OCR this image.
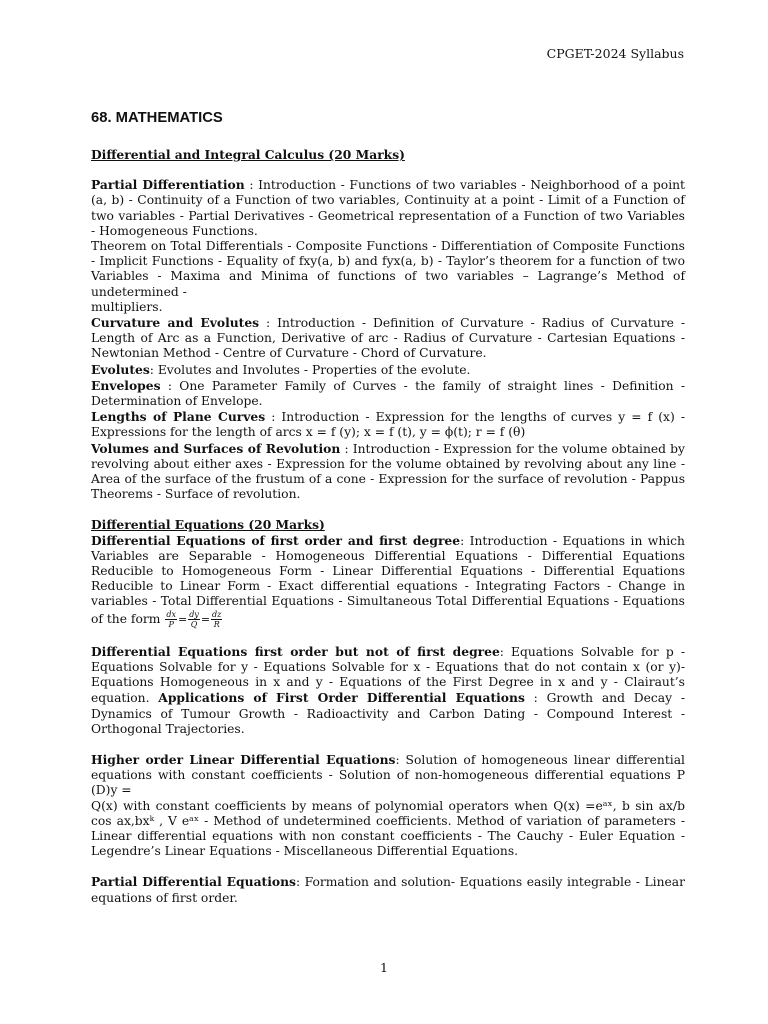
CPGET-2024 Syllabus
68. MATHEMATICS
Differential and Integral Calculus (20 Marks)

Partial Differentiation : Introduction - Functions of two variables - Neighborhood of a point (a, b) - Continuity of a Function of two variables, Continuity at a point - Limit of a Function of two variables - Partial Derivatives - Geometrical representation of a Function of two Variables - Homogeneous Functions.

Theorem on Total Differentials - Composite Functions - Differentiation of Composite Functions - Implicit Functions - Equality of fxy(a, b) and fyx(a, b) - Taylor’s theorem for a function of two Variables - Maxima and Minima of functions of two variables – Lagrange’s Method of undetermined -

multipliers.

Curvature and Evolutes : Introduction - Definition of Curvature - Radius of Curvature - Length of Arc as a Function, Derivative of arc - Radius of Curvature - Cartesian Equations - Newtonian Method - Centre of Curvature - Chord of Curvature.

Evolutes: Evolutes and Involutes - Properties of the evolute.

Envelopes : One Parameter Family of Curves - the family of straight lines - Definition - Determination of Envelope.

Lengths of Plane Curves : Introduction - Expression for the lengths of curves y = f (x) - Expressions for the length of arcs x = f (y); x = f (t), y = ϕ(t); r = f (θ)

Volumes and Surfaces of Revolution : Introduction - Expression for the volume obtained by revolving about either axes - Expression for the volume obtained by revolving about any line - Area of the surface of the frustum of a cone - Expression for the surface of revolution - Pappus Theorems - Surface of revolution.

Differential Equations (20 Marks)

Differential Equations of first order and first degree: Introduction - Equations in which Variables are Separable - Homogeneous Differential Equations - Differential Equations Reducible to Homogeneous Form - Linear Differential Equations - Differential Equations Reducible to Linear Form - Exact differential equations - Integrating Factors - Change in variables - Total Differential Equations - Simultaneous Total Differential Equations - Equations of the form $\frac{dx}{P} = \frac{dy}{Q} = \frac{dz}{R}$

Differential Equations first order but not of first degree: Equations Solvable for p - Equations Solvable for y - Equations Solvable for x - Equations that do not contain x (or y)- Equations Homogeneous in x and y - Equations of the First Degree in x and y - Clairaut’s equation. Applications of First Order Differential Equations : Growth and Decay - Dynamics of Tumour Growth - Radioactivity and Carbon Dating - Compound Interest - Orthogonal Trajectories.

Higher order Linear Differential Equations: Solution of homogeneous linear differential equations with constant coefficients - Solution of non-homogeneous differential equations P (D)y =

Q(x) with constant coefficients by means of polynomial operators when Q(x) =eᵃˣ, b sin ax/b cos ax,bxᵏ , V eᵃˣ - Method of undetermined coefficients. Method of variation of parameters - Linear differential equations with non constant coefficients - The Cauchy - Euler Equation - Legendre’s Linear Equations - Miscellaneous Differential Equations.

Partial Differential Equations: Formation and solution- Equations easily integrable - Linear equations of first order.

1
